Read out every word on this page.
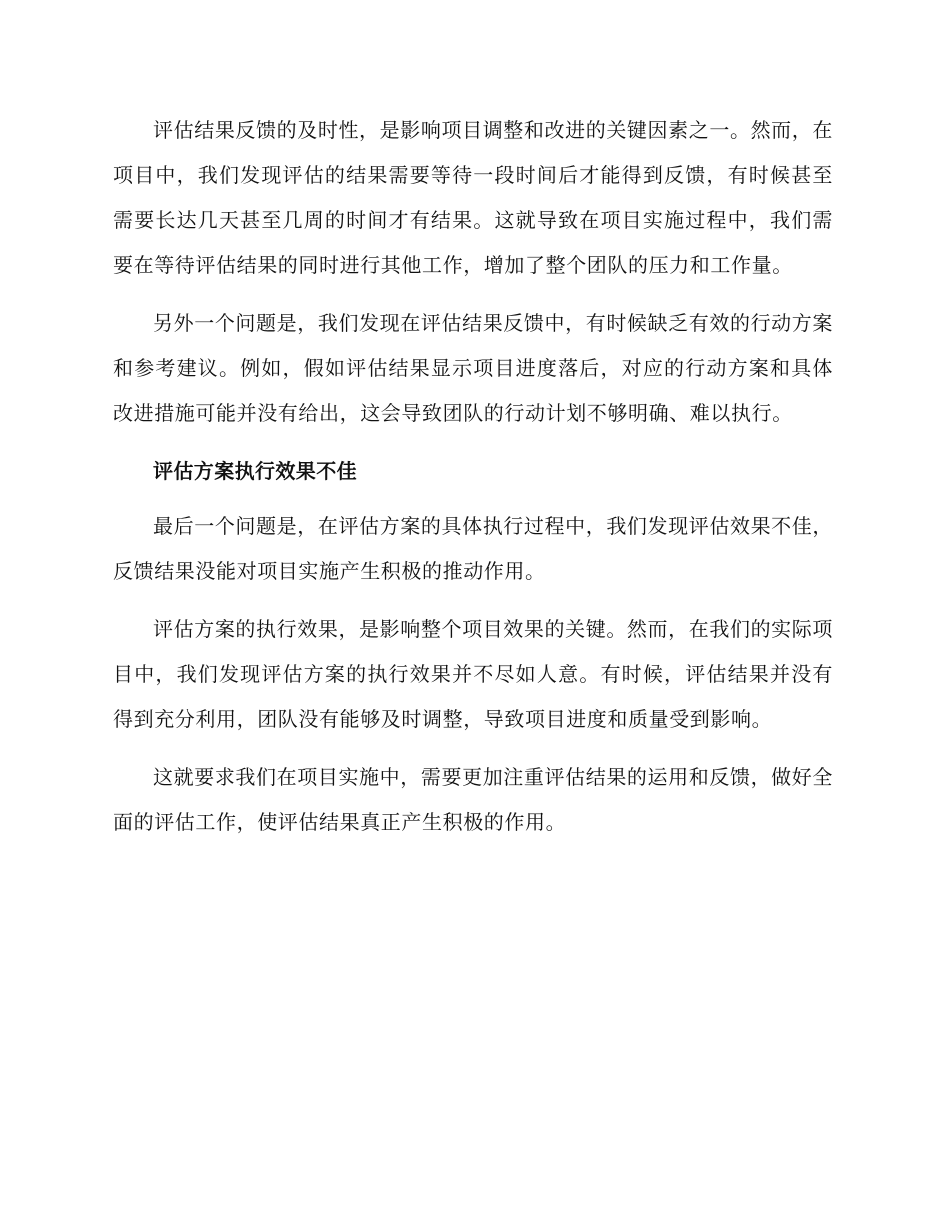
评估结果反馈的及时性，是影响项目调整和改进的关键因素之一。然而，在项目中，我们发现评估的结果需要等待一段时间后才能得到反馈，有时候甚至需要长达几天甚至几周的时间才有结果。这就导致在项目实施过程中，我们需要在等待评估结果的同时进行其他工作，增加了整个团队的压力和工作量。

另外一个问题是，我们发现在评估结果反馈中，有时候缺乏有效的行动方案和参考建议。例如，假如评估结果显示项目进度落后，对应的行动方案和具体改进措施可能并没有给出，这会导致团队的行动计划不够明确、难以执行。

评估方案执行效果不佳

最后一个问题是，在评估方案的具体执行过程中，我们发现评估效果不佳，反馈结果没能对项目实施产生积极的推动作用。

评估方案的执行效果，是影响整个项目效果的关键。然而，在我们的实际项目中，我们发现评估方案的执行效果并不尽如人意。有时候，评估结果并没有得到充分利用，团队没有能够及时调整，导致项目进度和质量受到影响。

这就要求我们在项目实施中，需要更加注重评估结果的运用和反馈，做好全面的评估工作，使评估结果真正产生积极的作用。
